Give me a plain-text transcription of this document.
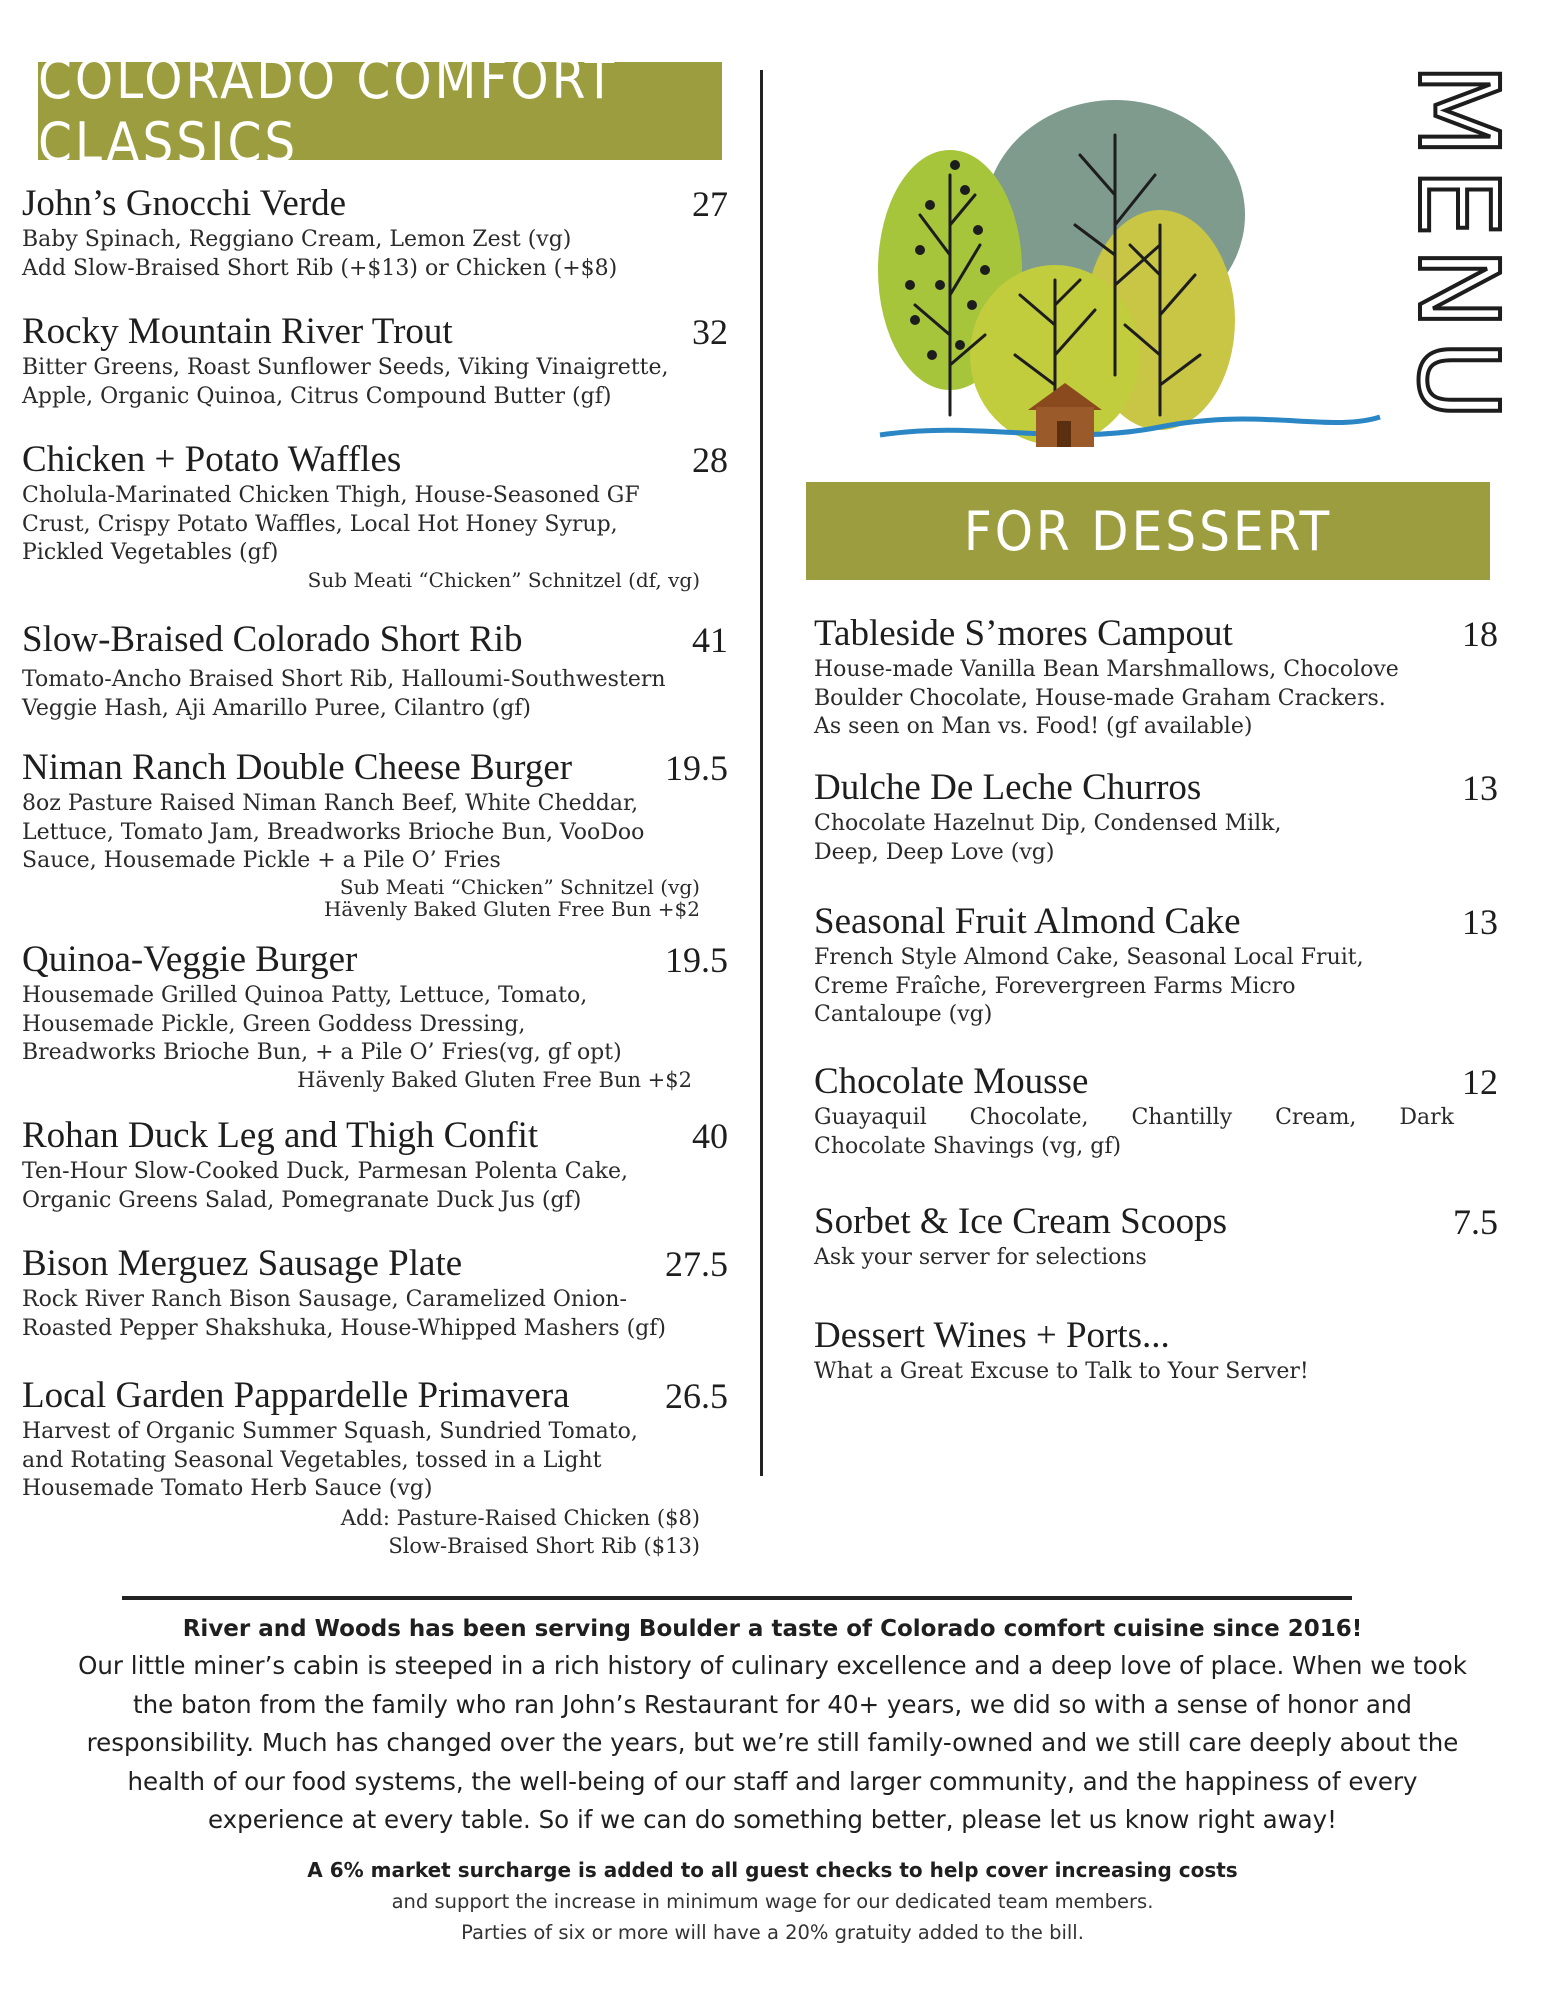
COLORADO COMFORT CLASSICS
John’s Gnocchi Verde	27
Baby Spinach, Reggiano Cream, Lemon Zest (vg)
Add Slow-Braised Short Rib (+$13) or Chicken (+$8)
Rocky Mountain River Trout	32
Bitter Greens, Roast Sunflower Seeds, Viking Vinaigrette,
Apple, Organic Quinoa, Citrus Compound Butter (gf)
Chicken + Potato Waffles	28
Cholula-Marinated Chicken Thigh, House-Seasoned GF
Crust, Crispy Potato Waffles, Local Hot Honey Syrup,
Pickled Vegetables (gf)
Sub Meati “Chicken” Schnitzel (df, vg)
Slow-Braised Colorado Short Rib	41
Tomato-Ancho Braised Short Rib, Halloumi-Southwestern
Veggie Hash, Aji Amarillo Puree, Cilantro (gf)
Niman Ranch Double Cheese Burger	19.5
8oz Pasture Raised Niman Ranch Beef, White Cheddar,
Lettuce, Tomato Jam, Breadworks Brioche Bun, VooDoo
Sauce, Housemade Pickle + a Pile O’ Fries
Sub Meati “Chicken” Schnitzel (vg)
Hävenly Baked Gluten Free Bun +$2
Quinoa-Veggie Burger	19.5
Housemade Grilled Quinoa Patty, Lettuce, Tomato,
Housemade Pickle, Green Goddess Dressing,
Breadworks Brioche Bun, + a Pile O’ Fries(vg, gf opt)
Hävenly Baked Gluten Free Bun +$2
Rohan Duck Leg and Thigh Confit	40
Ten-Hour Slow-Cooked Duck, Parmesan Polenta Cake,
Organic Greens Salad, Pomegranate Duck Jus (gf)
Bison Merguez Sausage Plate	27.5
Rock River Ranch Bison Sausage, Caramelized Onion-
Roasted Pepper Shakshuka, House-Whipped Mashers (gf)
Local Garden Pappardelle Primavera	26.5
Harvest of Organic Summer Squash, Sundried Tomato,
and Rotating Seasonal Vegetables, tossed in a Light
Housemade Tomato Herb Sauce (vg)
Add: Pasture-Raised Chicken ($8)
Slow-Braised Short Rib ($13)
MENU
FOR DESSERT
Tableside S’mores Campout	18
House-made Vanilla Bean Marshmallows, Chocolove
Boulder Chocolate, House-made Graham Crackers.
As seen on Man vs. Food! (gf available)
Dulche De Leche Churros	13
Chocolate Hazelnut Dip, Condensed Milk,
Deep, Deep Love (vg)
Seasonal Fruit Almond Cake	13
French Style Almond Cake, Seasonal Local Fruit,
Creme Fraîche, Forevergreen Farms Micro
Cantaloupe (vg)
Chocolate Mousse	12
Guayaquil Chocolate, Chantilly Cream, Dark
Chocolate Shavings (vg, gf)
Sorbet & Ice Cream Scoops	7.5
Ask your server for selections
Dessert Wines + Ports...
What a Great Excuse to Talk to Your Server!
River and Woods has been serving Boulder a taste of Colorado comfort cuisine since 2016!
Our little miner’s cabin is steeped in a rich history of culinary excellence and a deep love of place. When we took
the baton from the family who ran John’s Restaurant for 40+ years, we did so with a sense of honor and
responsibility. Much has changed over the years, but we’re still family-owned and we still care deeply about the
health of our food systems, the well-being of our staff and larger community, and the happiness of every
experience at every table. So if we can do something better, please let us know right away!
A 6% market surcharge is added to all guest checks to help cover increasing costs
and support the increase in minimum wage for our dedicated team members.
Parties of six or more will have a 20% gratuity added to the bill.
